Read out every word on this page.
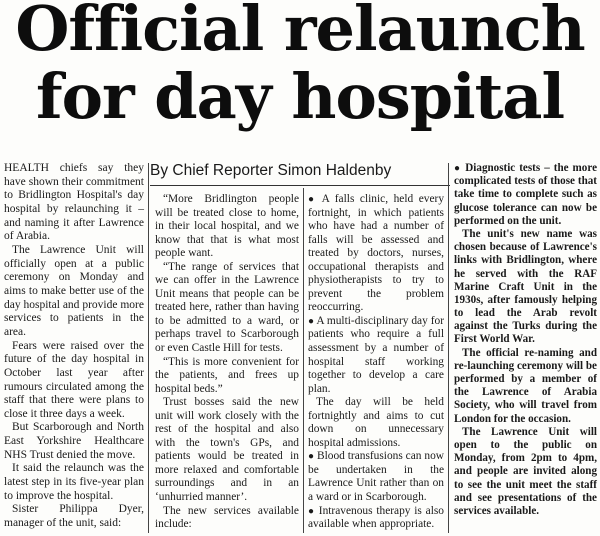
Official relaunch
for day hospital
By Chief Reporter Simon Haldenby

HEALTH chiefs say they have shown their commitment to Bridlington Hospital's day hospital by relaunching it – and naming it after Lawrence of Arabia.

The Lawrence Unit will officially open at a public ceremony on Monday and aims to make better use of the day hospital and provide more services to patients in the area.

Fears were raised over the future of the day hospital in October last year after rumours circulated among the staff that there were plans to close it three days a week.

But Scarborough and North East Yorkshire Healthcare NHS Trust denied the move.

It said the relaunch was the latest step in its five-year plan to improve the hospital.

Sister Philippa Dyer, manager of the unit, said:

“More Bridlington people will be treated close to home, in their local hospital, and we know that that is what most people want.

“The range of services that we can offer in the Lawrence Unit means that people can be treated here, rather than having to be admitted to a ward, or perhaps travel to Scarborough or even Castle Hill for tests.

“This is more convenient for the patients, and frees up hospital beds.”

Trust bosses said the new unit will work closely with the rest of the hospital and also with the town's GPs, and patients would be treated in more relaxed and comfortable surroundings and in an ‘unhurried manner’.

The new services available include:

● A falls clinic, held every fortnight, in which patients who have had a number of falls will be assessed and treated by doctors, nurses, occupational therapists and physiotherapists to try to prevent the problem reoccurring.

● A multi-disciplinary day for patients who require a full assessment by a number of hospital staff working together to develop a care plan.

The day will be held fortnightly and aims to cut down on unnecessary hospital admissions.

● Blood transfusions can now be undertaken in the Lawrence Unit rather than on a ward or in Scarborough.

● Intravenous therapy is also available when appropriate.

● Diagnostic tests – the more complicated tests of those that take time to complete such as glucose tolerance can now be performed on the unit.

The unit's new name was chosen because of Lawrence's links with Bridlington, where he served with the RAF Marine Craft Unit in the 1930s, after famously helping to lead the Arab revolt against the Turks during the First World War.

The official re-naming and re-launching ceremony will be performed by a member of the Lawrence of Arabia Society, who will travel from London for the occasion.

The Lawrence Unit will open to the public on Monday, from 2pm to 4pm, and people are invited along to see the unit meet the staff and see presentations of the services available.
